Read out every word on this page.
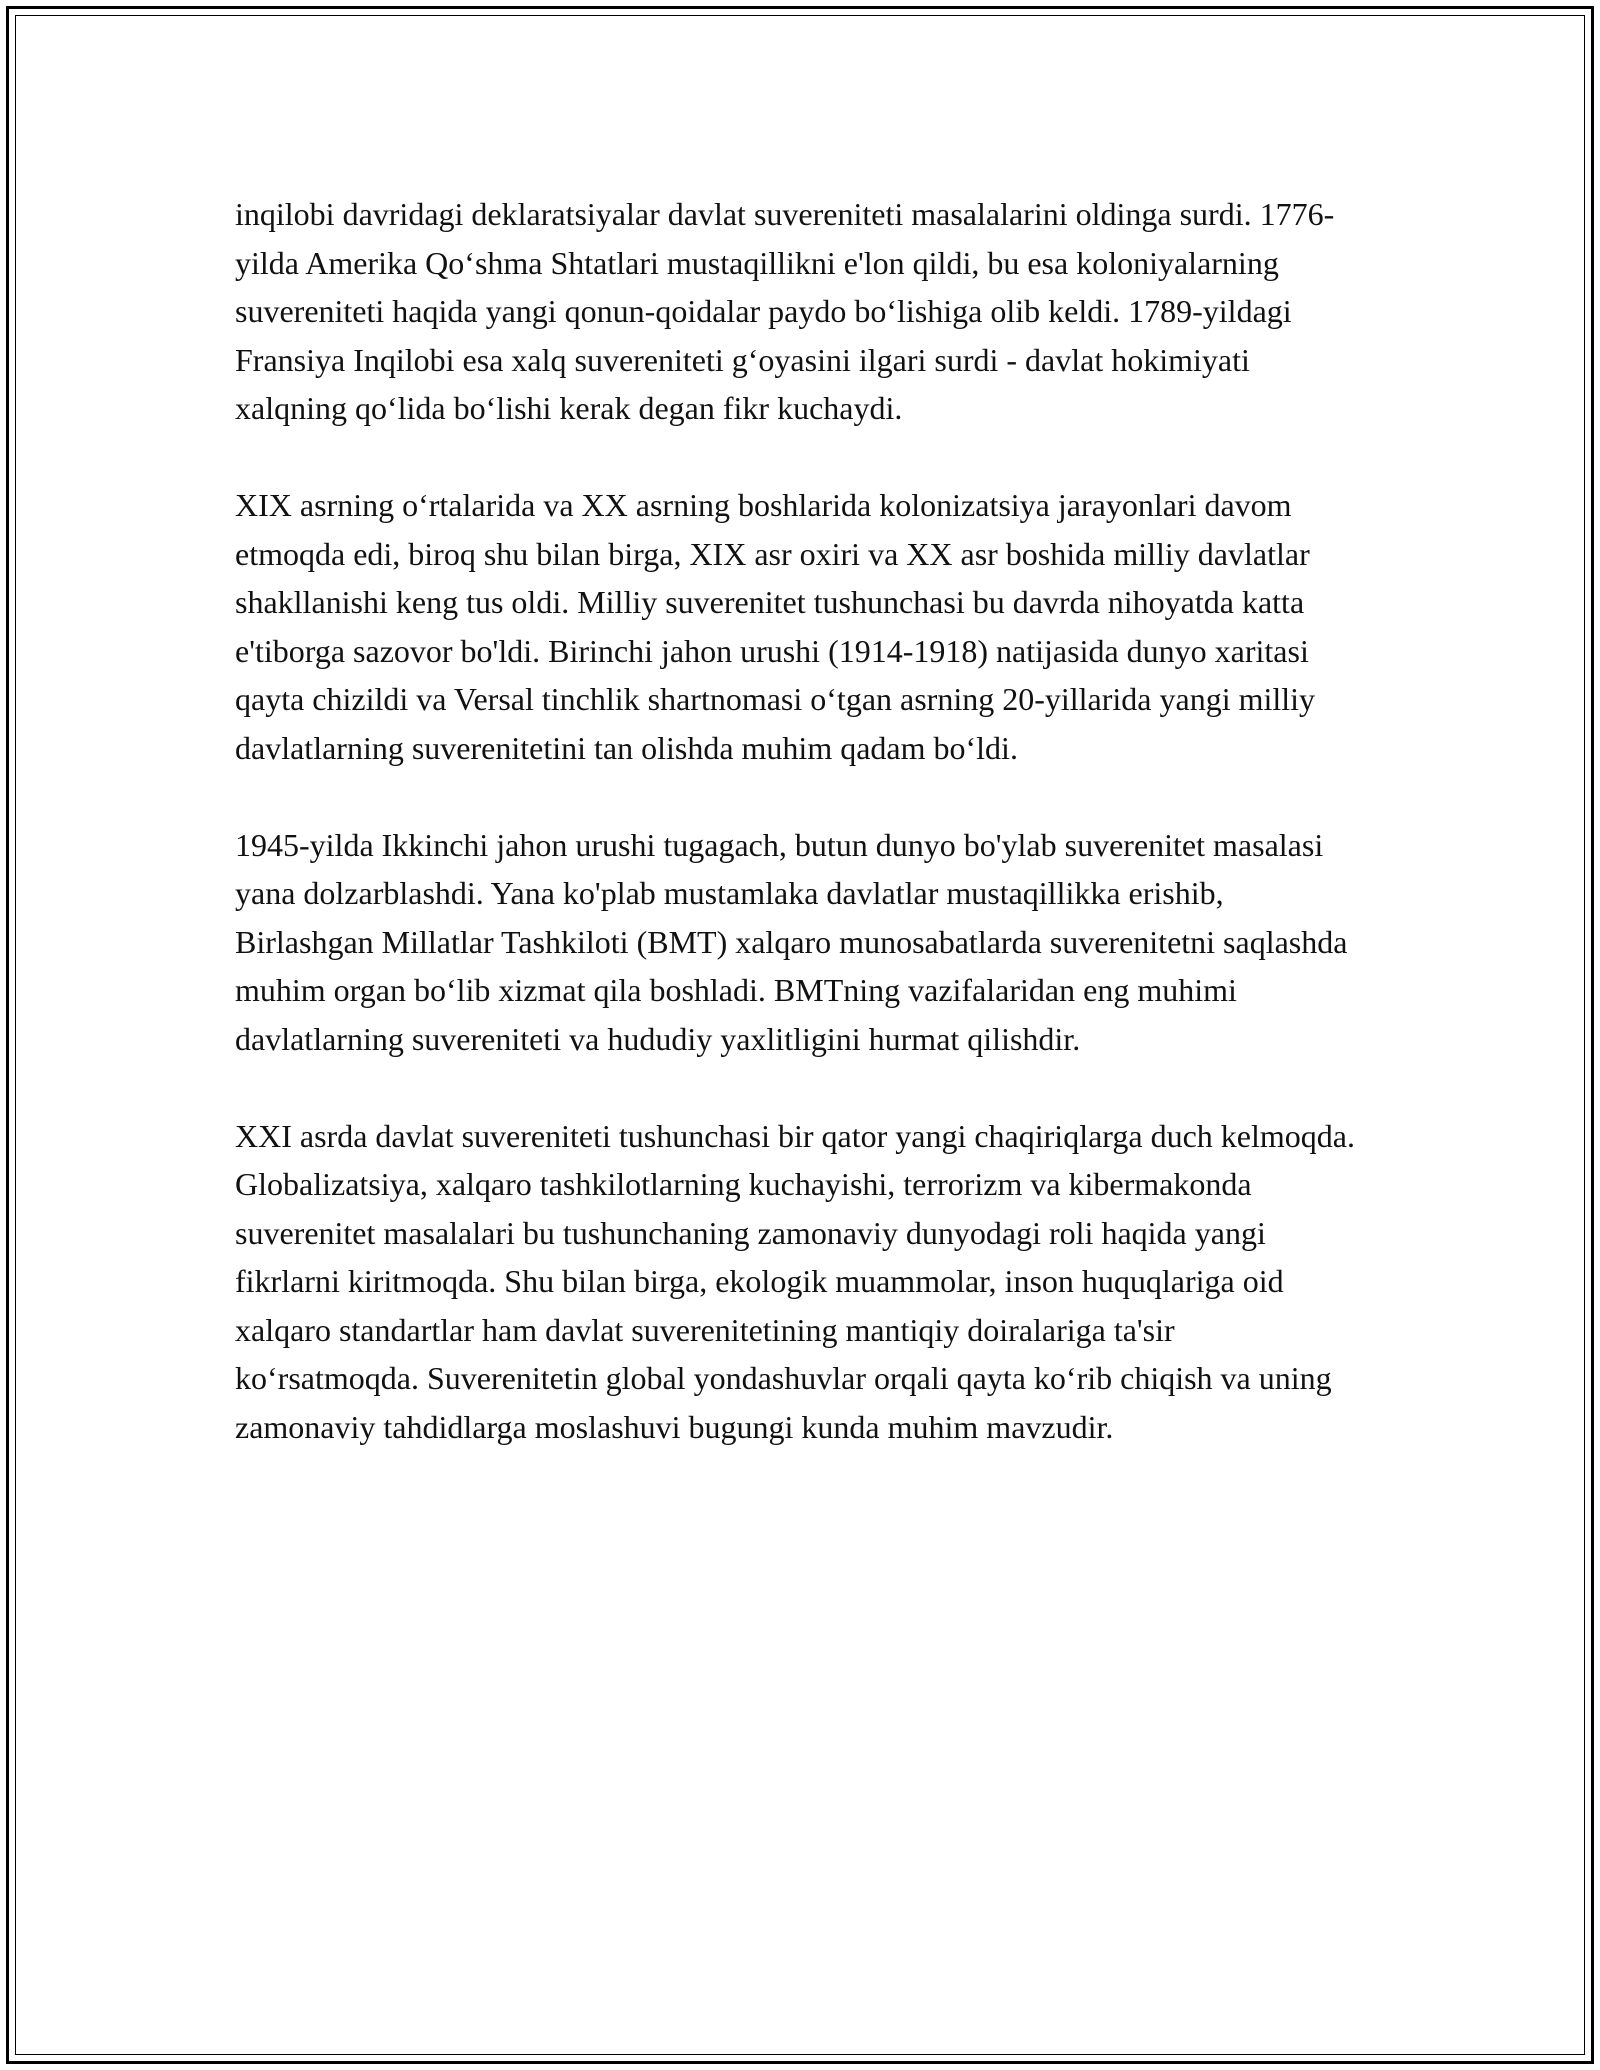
inqilobi davridagi deklaratsiyalar davlat suvereniteti masalalarini oldinga surdi. 1776-yilda Amerika Qo‘shma Shtatlari mustaqillikni e'lon qildi, bu esa koloniyalarning suvereniteti haqida yangi qonun-qoidalar paydo bo‘lishiga olib keldi. 1789-yildagi Fransiya Inqilobi esa xalq suvereniteti g‘oyasini ilgari surdi - davlat hokimiyati xalqning qo‘lida bo‘lishi kerak degan fikr kuchaydi.

XIX asrning o‘rtalarida va XX asrning boshlarida kolonizatsiya jarayonlari davom etmoqda edi, biroq shu bilan birga, XIX asr oxiri va XX asr boshida milliy davlatlar shakllanishi keng tus oldi. Milliy suverenitet tushunchasi bu davrda nihoyatda katta e'tiborga sazovor bo'ldi. Birinchi jahon urushi (1914-1918) natijasida dunyo xaritasi qayta chizildi va Versal tinchlik shartnomasi o‘tgan asrning 20-yillarida yangi milliy davlatlarning suverenitetini tan olishda muhim qadam bo‘ldi.

1945-yilda Ikkinchi jahon urushi tugagach, butun dunyo bo'ylab suverenitet masalasi yana dolzarblashdi. Yana ko'plab mustamlaka davlatlar mustaqillikka erishib, Birlashgan Millatlar Tashkiloti (BMT) xalqaro munosabatlarda suverenitetni saqlashda muhim organ bo‘lib xizmat qila boshladi. BMTning vazifalaridan eng muhimi davlatlarning suvereniteti va hududiy yaxlitligini hurmat qilishdir.

XXI asrda davlat suvereniteti tushunchasi bir qator yangi chaqiriqlarga duch kelmoqda. Globalizatsiya, xalqaro tashkilotlarning kuchayishi, terrorizm va kibermakonda suverenitet masalalari bu tushunchaning zamonaviy dunyodagi roli haqida yangi fikrlarni kiritmoqda. Shu bilan birga, ekologik muammolar, inson huquqlariga oid xalqaro standartlar ham davlat suverenitetining mantiqiy doiralariga ta'sir ko‘rsatmoqda. Suverenitetin global yondashuvlar orqali qayta ko‘rib chiqish va uning zamonaviy tahdidlarga moslashuvi bugungi kunda muhim mavzudir.
